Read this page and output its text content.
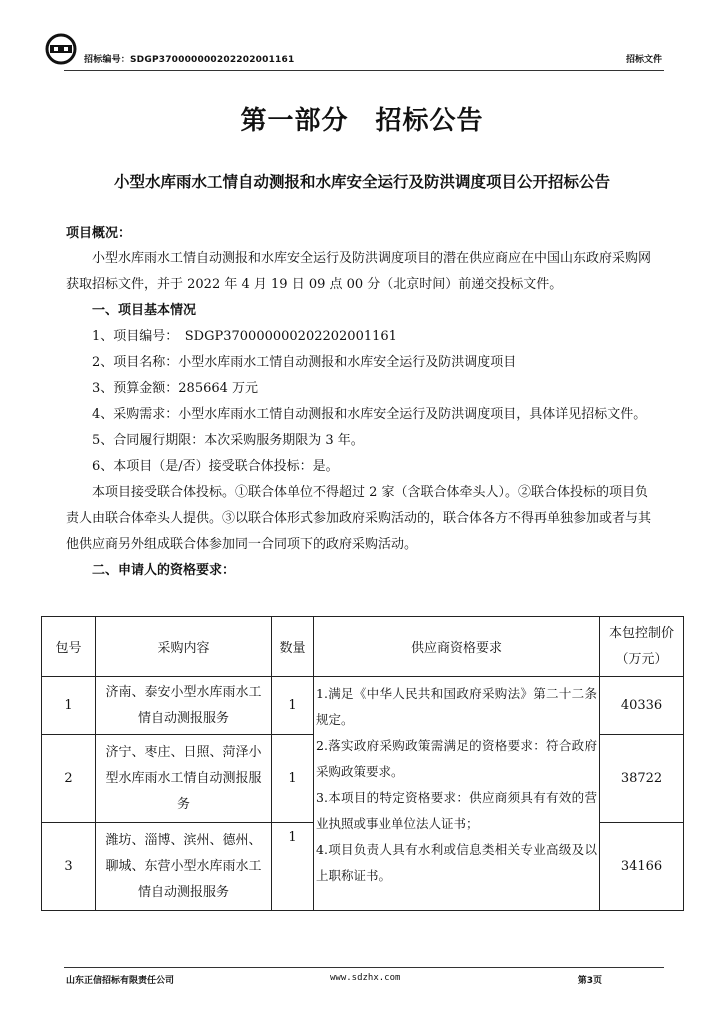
招标编号：SDGP370000000202202001161	招标文件
第一部分　招标公告
小型水库雨水工情自动测报和水库安全运行及防洪调度项目公开招标公告
项目概况：

小型水库雨水工情自动测报和水库安全运行及防洪调度项目的潜在供应商应在中国山东政府采购网获取招标文件，并于 2022 年 4 月 19 日 09 点 00 分（北京时间）前递交投标文件。

一、项目基本情况

1、项目编号：　SDGP370000000202202001161

2、项目名称：小型水库雨水工情自动测报和水库安全运行及防洪调度项目

3、预算金额：285664 万元

4、采购需求：小型水库雨水工情自动测报和水库安全运行及防洪调度项目，具体详见招标文件。

5、合同履行期限：本次采购服务期限为 3 年。

6、本项目（是/否）接受联合体投标：是。

本项目接受联合体投标。①联合体单位不得超过 2 家（含联合体牵头人）。②联合体投标的项目负责人由联合体牵头人提供。③以联合体形式参加政府采购活动的，联合体各方不得再单独参加或者与其他供应商另外组成联合体参加同一合同项下的政府采购活动。

二、申请人的资格要求：

包号	采购内容	数量	供应商资格要求	本包控制价（万元）
1	济南、泰安小型水库雨水工情自动测报服务	1	1.满足《中华人民共和国政府采购法》第二十二条规定。
2.落实政府采购政策需满足的资格要求：符合政府采购政策要求。
3.本项目的特定资格要求：供应商须具有有效的营业执照或事业单位法人证书；
4.项目负责人具有水利或信息类相关专业高级及以上职称证书。	40336
2	济宁、枣庄、日照、菏泽小型水库雨水工情自动测报服务	1		38722
3	潍坊、淄博、滨州、德州、聊城、东营小型水库雨水工情自动测报服务	1		34166
山东正信招标有限责任公司	www.sdzhx.com	第3页
